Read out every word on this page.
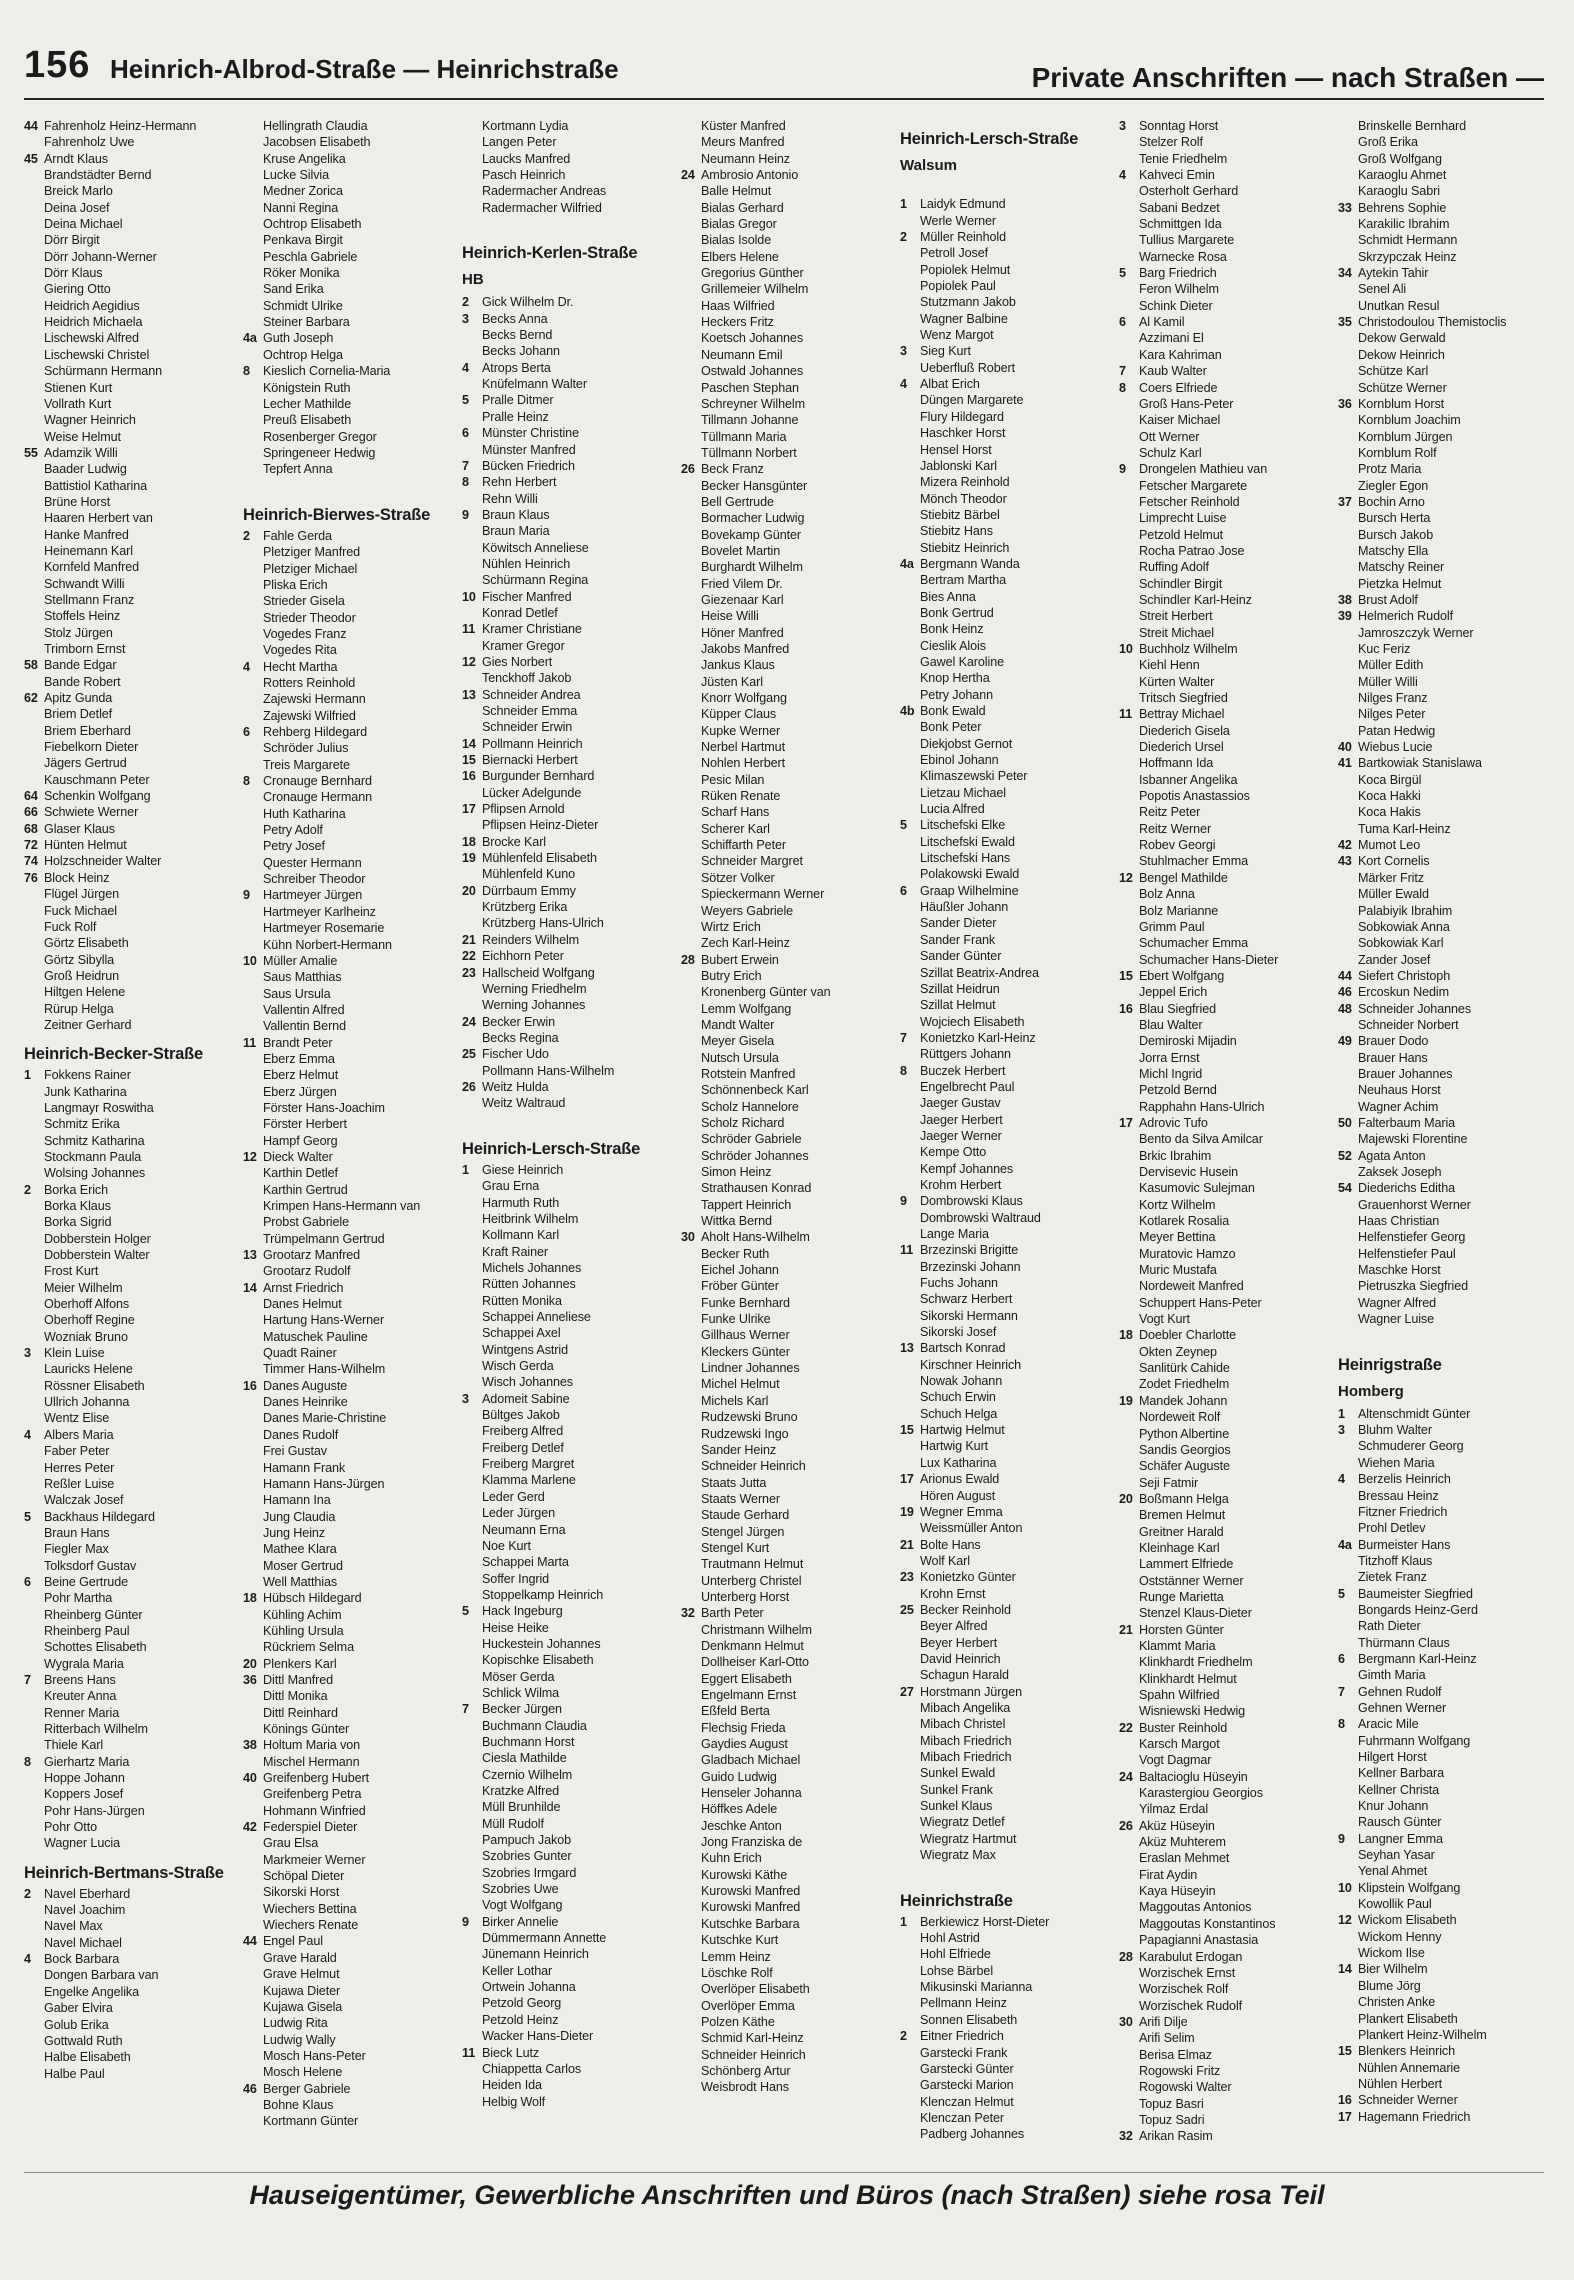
156 Heinrich-Albrod-Straße — Heinrichstraße	Private Anschriften — nach Straßen —
44 Fahrenholz Heinz-Hermann
Fahrenholz Uwe
45 Arndt Klaus
Brandstädter Bernd
Breick Marlo
Deina Josef
Deina Michael
Dörr Birgit
Dörr Johann-Werner
Dörr Klaus
Giering Otto
Heidrich Aegidius
Heidrich Michaela
Lischewski Alfred
Lischewski Christel
Schürmann Hermann
Stienen Kurt
Vollrath Kurt
Wagner Heinrich
Weise Helmut
55 Adamzik Willi
Baader Ludwig
Battistiol Katharina
Brüne Horst
Haaren Herbert van
Hanke Manfred
Heinemann Karl
Kornfeld Manfred
Schwandt Willi
Stellmann Franz
Stoffels Heinz
Stolz Jürgen
Trimborn Ernst
58 Bande Edgar
Bande Robert
62 Apitz Gunda
Briem Detlef
Briem Eberhard
Fiebelkorn Dieter
Jägers Gertrud
Kauschmann Peter
64 Schenkin Wolfgang
66 Schwiete Werner
68 Glaser Klaus
72 Hünten Helmut
74 Holzschneider Walter
76 Block Heinz
Flügel Jürgen
Fuck Michael
Fuck Rolf
Görtz Elisabeth
Görtz Sibylla
Groß Heidrun
Hiltgen Helene
Rürup Helga
Zeitner Gerhard
Heinrich-Becker-Straße
1 Fokkens Rainer
Junk Katharina
Langmayr Roswitha
Schmitz Erika
Schmitz Katharina
Stockmann Paula
Wolsing Johannes
2 Borka Erich
Borka Klaus
Borka Sigrid
Dobberstein Holger
Dobberstein Walter
Frost Kurt
Meier Wilhelm
Oberhoff Alfons
Oberhoff Regine
Wozniak Bruno
3 Klein Luise
Lauricks Helene
Rössner Elisabeth
Ullrich Johanna
Wentz Elise
4 Albers Maria
Faber Peter
Herres Peter
Reßler Luise
Walczak Josef
5 Backhaus Hildegard
Braun Hans
Fiegler Max
Tolksdorf Gustav
6 Beine Gertrude
Pohr Martha
Rheinberg Günter
Rheinberg Paul
Schottes Elisabeth
Wygrala Maria
7 Breens Hans
Kreuter Anna
Renner Maria
Ritterbach Wilhelm
Thiele Karl
8 Gierhartz Maria
Hoppe Johann
Koppers Josef
Pohr Hans-Jürgen
Pohr Otto
Wagner Lucia
Heinrich-Bertmans-Straße
2 Navel Eberhard
Navel Joachim
Navel Max
Navel Michael
4 Bock Barbara
Dongen Barbara van
Engelke Angelika
Gaber Elvira
Golub Erika
Gottwald Ruth
Halbe Elisabeth
Halbe Paul
Hellingrath Claudia
Jacobsen Elisabeth
Kruse Angelika
Lucke Silvia
Medner Zorica
Nanni Regina
Ochtrop Elisabeth
Penkava Birgit
Peschla Gabriele
Röker Monika
Sand Erika
Schmidt Ulrike
Steiner Barbara
4a Guth Joseph
Ochtrop Helga
8 Kieslich Cornelia-Maria
Königstein Ruth
Lecher Mathilde
Preuß Elisabeth
Rosenberger Gregor
Springeneer Hedwig
Tepfert Anna
Heinrich-Bierwes-Straße
2 Fahle Gerda
Pletziger Manfred
Pletziger Michael
Pliska Erich
Strieder Gisela
Strieder Theodor
Vogedes Franz
Vogedes Rita
4 Hecht Martha
Rotters Reinhold
Zajewski Hermann
Zajewski Wilfried
6 Rehberg Hildegard
Schröder Julius
Treis Margarete
8 Cronauge Bernhard
Cronauge Hermann
Huth Katharina
Petry Adolf
Petry Josef
Quester Hermann
Schreiber Theodor
9 Hartmeyer Jürgen
Hartmeyer Karlheinz
Hartmeyer Rosemarie
Kühn Norbert-Hermann
10 Müller Amalie
Saus Matthias
Saus Ursula
Vallentin Alfred
Vallentin Bernd
11 Brandt Peter
Eberz Emma
Eberz Helmut
Eberz Jürgen
Förster Hans-Joachim
Förster Herbert
Hampf Georg
12 Dieck Walter
Karthin Detlef
Karthin Gertrud
Krimpen Hans-Hermann van
Probst Gabriele
Trümpelmann Gertrud
13 Grootarz Manfred
Grootarz Rudolf
14 Arnst Friedrich
Danes Helmut
Hartung Hans-Werner
Matuschek Pauline
Quadt Rainer
Timmer Hans-Wilhelm
16 Danes Auguste
Danes Heinrike
Danes Marie-Christine
Danes Rudolf
Frei Gustav
Hamann Frank
Hamann Hans-Jürgen
Hamann Ina
Jung Claudia
Jung Heinz
Mathee Klara
Moser Gertrud
Well Matthias
18 Hübsch Hildegard
Kühling Achim
Kühling Ursula
Rückriem Selma
20 Plenkers Karl
36 Dittl Manfred
Dittl Monika
Dittl Reinhard
Könings Günter
38 Holtum Maria von
Mischel Hermann
40 Greifenberg Hubert
Greifenberg Petra
Hohmann Winfried
42 Federspiel Dieter
Grau Elsa
Markmeier Werner
Schöpal Dieter
Sikorski Horst
Wiechers Bettina
Wiechers Renate
44 Engel Paul
Grave Harald
Grave Helmut
Kujawa Dieter
Kujawa Gisela
Ludwig Rita
Ludwig Wally
Mosch Hans-Peter
Mosch Helene
46 Berger Gabriele
Bohne Klaus
Kortmann Günter
Kortmann Lydia
Langen Peter
Laucks Manfred
Pasch Heinrich
Radermacher Andreas
Radermacher Wilfried
Heinrich-Kerlen-Straße
HB
2 Gick Wilhelm Dr.
3 Becks Anna
Becks Bernd
Becks Johann
4 Atrops Berta
Knüfelmann Walter
5 Pralle Ditmer
Pralle Heinz
6 Münster Christine
Münster Manfred
7 Bücken Friedrich
8 Rehn Herbert
Rehn Willi
9 Braun Klaus
Braun Maria
Köwitsch Anneliese
Nühlen Heinrich
Schürmann Regina
10 Fischer Manfred
Konrad Detlef
11 Kramer Christiane
Kramer Gregor
12 Gies Norbert
Tenckhoff Jakob
13 Schneider Andrea
Schneider Emma
Schneider Erwin
14 Pollmann Heinrich
15 Biernacki Herbert
16 Burgunder Bernhard
Lücker Adelgunde
17 Pflipsen Arnold
Pflipsen Heinz-Dieter
18 Brocke Karl
19 Mühlenfeld Elisabeth
Mühlenfeld Kuno
20 Dürrbaum Emmy
Krützberg Erika
Krützberg Hans-Ulrich
21 Reinders Wilhelm
22 Eichhorn Peter
23 Hallscheid Wolfgang
Werning Friedhelm
Werning Johannes
24 Becker Erwin
Becks Regina
25 Fischer Udo
Pollmann Hans-Wilhelm
26 Weitz Hulda
Weitz Waltraud
Heinrich-Lersch-Straße
1 Giese Heinrich
Grau Erna
Harmuth Ruth
Heitbrink Wilhelm
Kollmann Karl
Kraft Rainer
Michels Johannes
Rütten Johannes
Rütten Monika
Schappei Anneliese
Schappei Axel
Wintgens Astrid
Wisch Gerda
Wisch Johannes
3 Adomeit Sabine
Bültges Jakob
Freiberg Alfred
Freiberg Detlef
Freiberg Margret
Klamma Marlene
Leder Gerd
Leder Jürgen
Neumann Erna
Noe Kurt
Schappei Marta
Soffer Ingrid
Stoppelkamp Heinrich
5 Hack Ingeburg
Heise Heike
Huckestein Johannes
Kopischke Elisabeth
Möser Gerda
Schlick Wilma
7 Becker Jürgen
Buchmann Claudia
Buchmann Horst
Ciesla Mathilde
Czernio Wilhelm
Kratzke Alfred
Müll Brunhilde
Müll Rudolf
Pampuch Jakob
Szobries Gunter
Szobries Irmgard
Szobries Uwe
Vogt Wolfgang
9 Birker Annelie
Dümmermann Annette
Jünemann Heinrich
Keller Lothar
Ortwein Johanna
Petzold Georg
Petzold Heinz
Wacker Hans-Dieter
11 Bieck Lutz
Chiappetta Carlos
Heiden Ida
Helbig Wolf
Küster Manfred
Meurs Manfred
Neumann Heinz
24 Ambrosio Antonio
Balle Helmut
Bialas Gerhard
Bialas Gregor
Bialas Isolde
Elbers Helene
Gregorius Günther
Grillemeier Wilhelm
Haas Wilfried
Heckers Fritz
Koetsch Johannes
Neumann Emil
Ostwald Johannes
Paschen Stephan
Schreyner Wilhelm
Tillmann Johanne
Tüllmann Maria
Tüllmann Norbert
26 Beck Franz
Becker Hansgünter
Bell Gertrude
Bormacher Ludwig
Bovekamp Günter
Bovelet Martin
Burghardt Wilhelm
Fried Vilem Dr.
Giezenaar Karl
Heise Willi
Höner Manfred
Jakobs Manfred
Jankus Klaus
Jüsten Karl
Knorr Wolfgang
Küpper Claus
Kupke Werner
Nerbel Hartmut
Nohlen Herbert
Pesic Milan
Rüken Renate
Scharf Hans
Scherer Karl
Schiffarth Peter
Schneider Margret
Sötzer Volker
Spieckermann Werner
Weyers Gabriele
Wirtz Erich
Zech Karl-Heinz
28 Bubert Erwein
Butry Erich
Kronenberg Günter van
Lemm Wolfgang
Mandt Walter
Meyer Gisela
Nutsch Ursula
Rotstein Manfred
Schönnenbeck Karl
Scholz Hannelore
Scholz Richard
Schröder Gabriele
Schröder Johannes
Simon Heinz
Strathausen Konrad
Tappert Heinrich
Wittka Bernd
30 Aholt Hans-Wilhelm
Becker Ruth
Eichel Johann
Fröber Günter
Funke Bernhard
Funke Ulrike
Gillhaus Werner
Kleckers Günter
Lindner Johannes
Michel Helmut
Michels Karl
Rudzewski Bruno
Rudzewski Ingo
Sander Heinz
Schneider Heinrich
Staats Jutta
Staats Werner
Staude Gerhard
Stengel Jürgen
Stengel Kurt
Trautmann Helmut
Unterberg Christel
Unterberg Horst
32 Barth Peter
Christmann Wilhelm
Denkmann Helmut
Dollheiser Karl-Otto
Eggert Elisabeth
Engelmann Ernst
Eßfeld Berta
Flechsig Frieda
Gaydies August
Gladbach Michael
Guido Ludwig
Henseler Johanna
Höffkes Adele
Jeschke Anton
Jong Franziska de
Kuhn Erich
Kurowski Käthe
Kurowski Manfred
Kurowski Manfred
Kutschke Barbara
Kutschke Kurt
Lemm Heinz
Löschke Rolf
Overlöper Elisabeth
Overlöper Emma
Polzen Käthe
Schmid Karl-Heinz
Schneider Heinrich
Schönberg Artur
Weisbrodt Hans
Heinrich-Lersch-Straße
Walsum
1 Laidyk Edmund
Werle Werner
2 Müller Reinhold
Petroll Josef
Popiolek Helmut
Popiolek Paul
Stutzmann Jakob
Wagner Balbine
Wenz Margot
3 Sieg Kurt
Ueberfluß Robert
4 Albat Erich
Düngen Margarete
Flury Hildegard
Haschker Horst
Hensel Horst
Jablonski Karl
Mizera Reinhold
Mönch Theodor
Stiebitz Bärbel
Stiebitz Hans
Stiebitz Heinrich
4a Bergmann Wanda
Bertram Martha
Bies Anna
Bonk Gertrud
Bonk Heinz
Cieslik Alois
Gawel Karoline
Knop Hertha
Petry Johann
4b Bonk Ewald
Bonk Peter
Diekjobst Gernot
Ebinol Johann
Klimaszewski Peter
Lietzau Michael
Lucia Alfred
5 Litschefski Elke
Litschefski Ewald
Litschefski Hans
Polakowski Ewald
6 Graap Wilhelmine
Häußler Johann
Sander Dieter
Sander Frank
Sander Günter
Szillat Beatrix-Andrea
Szillat Heidrun
Szillat Helmut
Wojciech Elisabeth
7 Konietzko Karl-Heinz
Rüttgers Johann
8 Buczek Herbert
Engelbrecht Paul
Jaeger Gustav
Jaeger Herbert
Jaeger Werner
Kempe Otto
Kempf Johannes
Krohm Herbert
9 Dombrowski Klaus
Dombrowski Waltraud
Lange Maria
11 Brzezinski Brigitte
Brzezinski Johann
Fuchs Johann
Schwarz Herbert
Sikorski Hermann
Sikorski Josef
13 Bartsch Konrad
Kirschner Heinrich
Nowak Johann
Schuch Erwin
Schuch Helga
15 Hartwig Helmut
Hartwig Kurt
Lux Katharina
17 Arionus Ewald
Hören August
19 Wegner Emma
Weissmüller Anton
21 Bolte Hans
Wolf Karl
23 Konietzko Günter
Krohn Ernst
25 Becker Reinhold
Beyer Alfred
Beyer Herbert
David Heinrich
Schagun Harald
27 Horstmann Jürgen
Mibach Angelika
Mibach Christel
Mibach Friedrich
Mibach Friedrich
Sunkel Ewald
Sunkel Frank
Sunkel Klaus
Wiegratz Detlef
Wiegratz Hartmut
Wiegratz Max
Heinrichstraße
1 Berkiewicz Horst-Dieter
Hohl Astrid
Hohl Elfriede
Lohse Bärbel
Mikusinski Marianna
Pellmann Heinz
Sonnen Elisabeth
2 Eitner Friedrich
Garstecki Frank
Garstecki Günter
Garstecki Marion
Klenczan Helmut
Klenczan Peter
Padberg Johannes
3 Sonntag Horst
Stelzer Rolf
Tenie Friedhelm
4 Kahveci Emin
Osterholt Gerhard
Sabani Bedzet
Schmittgen Ida
Tullius Margarete
Warnecke Rosa
5 Barg Friedrich
Feron Wilhelm
Schink Dieter
6 Al Kamil
Azzimani El
Kara Kahriman
7 Kaub Walter
8 Coers Elfriede
Groß Hans-Peter
Kaiser Michael
Ott Werner
Schulz Karl
9 Drongelen Mathieu van
Fetscher Margarete
Fetscher Reinhold
Limprecht Luise
Petzold Helmut
Rocha Patrao Jose
Ruffing Adolf
Schindler Birgit
Schindler Karl-Heinz
Streit Herbert
Streit Michael
10 Buchholz Wilhelm
Kiehl Henn
Kürten Walter
Tritsch Siegfried
11 Bettray Michael
Diederich Gisela
Diederich Ursel
Hoffmann Ida
Isbanner Angelika
Popotis Anastassios
Reitz Peter
Reitz Werner
Robev Georgi
Stuhlmacher Emma
12 Bengel Mathilde
Bolz Anna
Bolz Marianne
Grimm Paul
Schumacher Emma
Schumacher Hans-Dieter
15 Ebert Wolfgang
Jeppel Erich
16 Blau Siegfried
Blau Walter
Demiroski Mijadin
Jorra Ernst
Michl Ingrid
Petzold Bernd
Rapphahn Hans-Ulrich
17 Adrovic Tufo
Bento da Silva Amilcar
Brkic Ibrahim
Dervisevic Husein
Kasumovic Sulejman
Kortz Wilhelm
Kotlarek Rosalia
Meyer Bettina
Muratovic Hamzo
Muric Mustafa
Nordeweit Manfred
Schuppert Hans-Peter
Vogt Kurt
18 Doebler Charlotte
Okten Zeynep
Sanlitürk Cahide
Zodet Friedhelm
19 Mandek Johann
Nordeweit Rolf
Python Albertine
Sandis Georgios
Schäfer Auguste
Seji Fatmir
20 Boßmann Helga
Bremen Helmut
Greitner Harald
Kleinhage Karl
Lammert Elfriede
Oststänner Werner
Runge Marietta
Stenzel Klaus-Dieter
21 Horsten Günter
Klammt Maria
Klinkhardt Friedhelm
Klinkhardt Helmut
Spahn Wilfried
Wisniewski Hedwig
22 Buster Reinhold
Karsch Margot
Vogt Dagmar
24 Baltacioglu Hüseyin
Karastergiou Georgios
Yilmaz Erdal
26 Aküz Hüseyin
Aküz Muhterem
Eraslan Mehmet
Firat Aydin
Kaya Hüseyin
Maggoutas Antonios
Maggoutas Konstantinos
Papagianni Anastasia
28 Karabulut Erdogan
Worzischek Ernst
Worzischek Rolf
Worzischek Rudolf
30 Arifi Dilje
Arifi Selim
Berisa Elmaz
Rogowski Fritz
Rogowski Walter
Topuz Basri
Topuz Sadri
32 Arikan Rasim
Brinskelle Bernhard
Groß Erika
Groß Wolfgang
Karaoglu Ahmet
Karaoglu Sabri
33 Behrens Sophie
Karakilic Ibrahim
Schmidt Hermann
Skrzypczak Heinz
34 Aytekin Tahir
Senel Ali
Unutkan Resul
35 Christodoulou Themistoclis
Dekow Gerwald
Dekow Heinrich
Schütze Karl
Schütze Werner
36 Kornblum Horst
Kornblum Joachim
Kornblum Jürgen
Kornblum Rolf
Protz Maria
Ziegler Egon
37 Bochin Arno
Bursch Herta
Bursch Jakob
Matschy Ella
Matschy Reiner
Pietzka Helmut
38 Brust Adolf
39 Helmerich Rudolf
Jamroszczyk Werner
Kuc Feriz
Müller Edith
Müller Willi
Nilges Franz
Nilges Peter
Patan Hedwig
40 Wiebus Lucie
41 Bartkowiak Stanislawa
Koca Birgül
Koca Hakki
Koca Hakis
Tuma Karl-Heinz
42 Mumot Leo
43 Kort Cornelis
Märker Fritz
Müller Ewald
Palabiyik Ibrahim
Sobkowiak Anna
Sobkowiak Karl
Zander Josef
44 Siefert Christoph
46 Ercoskun Nedim
48 Schneider Johannes
Schneider Norbert
49 Brauer Dodo
Brauer Hans
Brauer Johannes
Neuhaus Horst
Wagner Achim
50 Falterbaum Maria
Majewski Florentine
52 Agata Anton
Zaksek Joseph
54 Diederichs Editha
Grauenhorst Werner
Haas Christian
Helfenstiefer Georg
Helfenstiefer Paul
Maschke Horst
Pietruszka Siegfried
Wagner Alfred
Wagner Luise
Heinrigstraße
Homberg
1 Altenschmidt Günter
3 Bluhm Walter
Schmuderer Georg
Wiehen Maria
4 Berzelis Heinrich
Bressau Heinz
Fitzner Friedrich
Prohl Detlev
4a Burmeister Hans
Titzhoff Klaus
Zietek Franz
5 Baumeister Siegfried
Bongards Heinz-Gerd
Rath Dieter
Thürmann Claus
6 Bergmann Karl-Heinz
Gimth Maria
7 Gehnen Rudolf
Gehnen Werner
8 Aracic Mile
Fuhrmann Wolfgang
Hilgert Horst
Kellner Barbara
Kellner Christa
Knur Johann
Rausch Günter
9 Langner Emma
Seyhan Yasar
Yenal Ahmet
10 Klipstein Wolfgang
Kowollik Paul
12 Wickom Elisabeth
Wickom Henny
Wickom Ilse
14 Bier Wilhelm
Blume Jörg
Christen Anke
Plankert Elisabeth
Plankert Heinz-Wilhelm
15 Blenkers Heinrich
Nühlen Annemarie
Nühlen Herbert
16 Schneider Werner
17 Hagemann Friedrich
Hauseigentümer, Gewerbliche Anschriften und Büros (nach Straßen) siehe rosa Teil
